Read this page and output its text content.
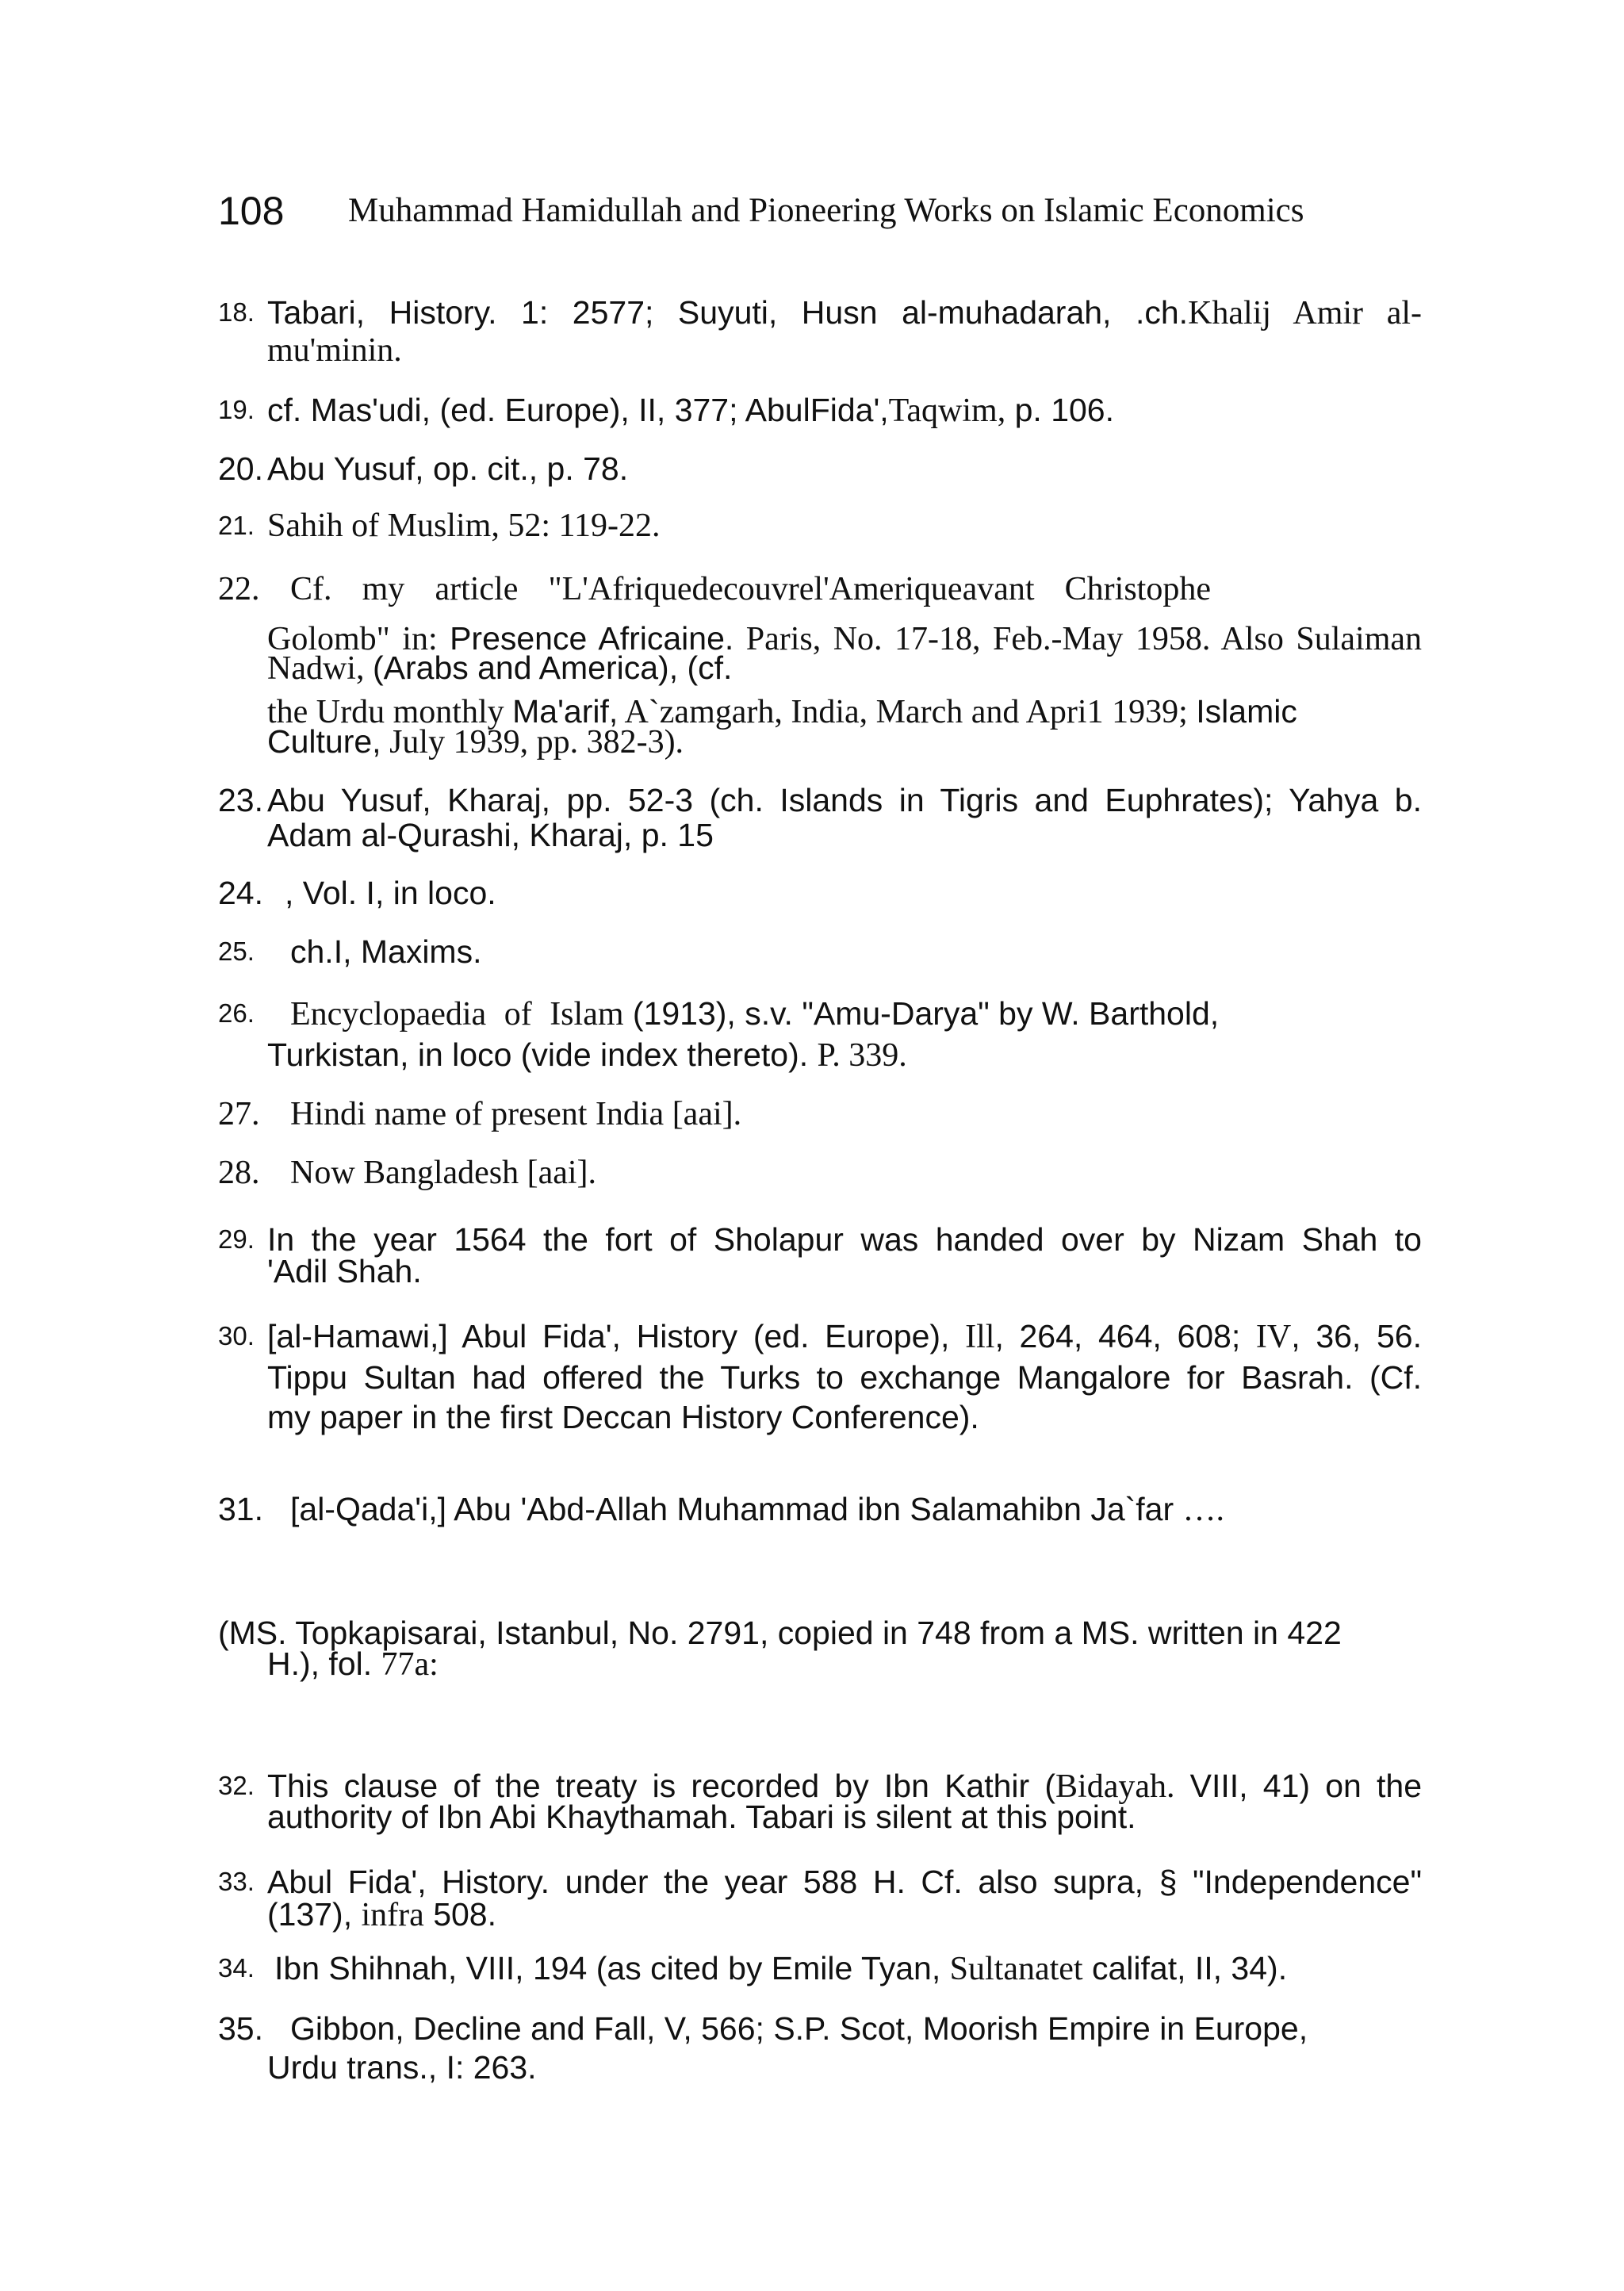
108 Muhammad Hamidullah and Pioneering Works on Islamic Economics
18. Tabari, History. 1: 2577; Suyuti, Husn al-muhadarah, .ch.Khalij Amir al-
mu'minin.
19. cf. Mas'udi, (ed. Europe), II, 377; AbulFida',Taqwim, p. 106.
20. Abu Yusuf, op. cit., p. 78.
21. Sahih of Muslim, 52: 119-22.
22. Cf. my article "L'Afriquedecouvrel'Ameriqueavant Christophe
Golomb" in: Presence Africaine. Paris, No. 17-18, Feb.-May 1958. Also Sulaiman
Nadwi, (Arabs and America), (cf.
the Urdu monthly Ma'arif, A`zamgarh, India, March and Apri1 1939; Islamic
Culture, July 1939, pp. 382-3).
23. Abu Yusuf, Kharaj, pp. 52-3 (ch. Islands in Tigris and Euphrates); Yahya b.
Adam al-Qurashi, Kharaj, p. 15
24. , Vol. I, in loco.
25. ch.I, Maxims.
26. Encyclopaedia of Islam (1913), s.v. "Amu-Darya" by W. Barthold,
Turkistan, in loco (vide index thereto). P. 339.
27. Hindi name of present India [aai].
28. Now Bangladesh [aai].
29. In the year 1564 the fort of Sholapur was handed over by Nizam Shah to
'Adil Shah.
30. [al-Hamawi,] Abul Fida', History (ed. Europe), Ill, 264, 464, 608; IV, 36, 56.
Tippu Sultan had offered the Turks to exchange Mangalore for Basrah. (Cf.
my paper in the first Deccan History Conference).
31. [al-Qada'i,] Abu 'Abd-Allah Muhammad ibn Salamahibn Ja`far ….
(MS. Topkapisarai, Istanbul, No. 2791, copied in 748 from a MS. written in 422
H.), fol. 77a:
32. This clause of the treaty is recorded by Ibn Kathir (Bidayah. VIII, 41) on the
authority of Ibn Abi Khaythamah. Tabari is silent at this point.
33. Abul Fida', History. under the year 588 H. Cf. also supra, § "Independence"
(137), infra 508.
34. Ibn Shihnah, VIII, 194 (as cited by Emile Tyan, Sultanatet califat, II, 34).
35. Gibbon, Decline and Fall, V, 566; S.P. Scot, Moorish Empire in Europe,
Urdu trans., I: 263.
